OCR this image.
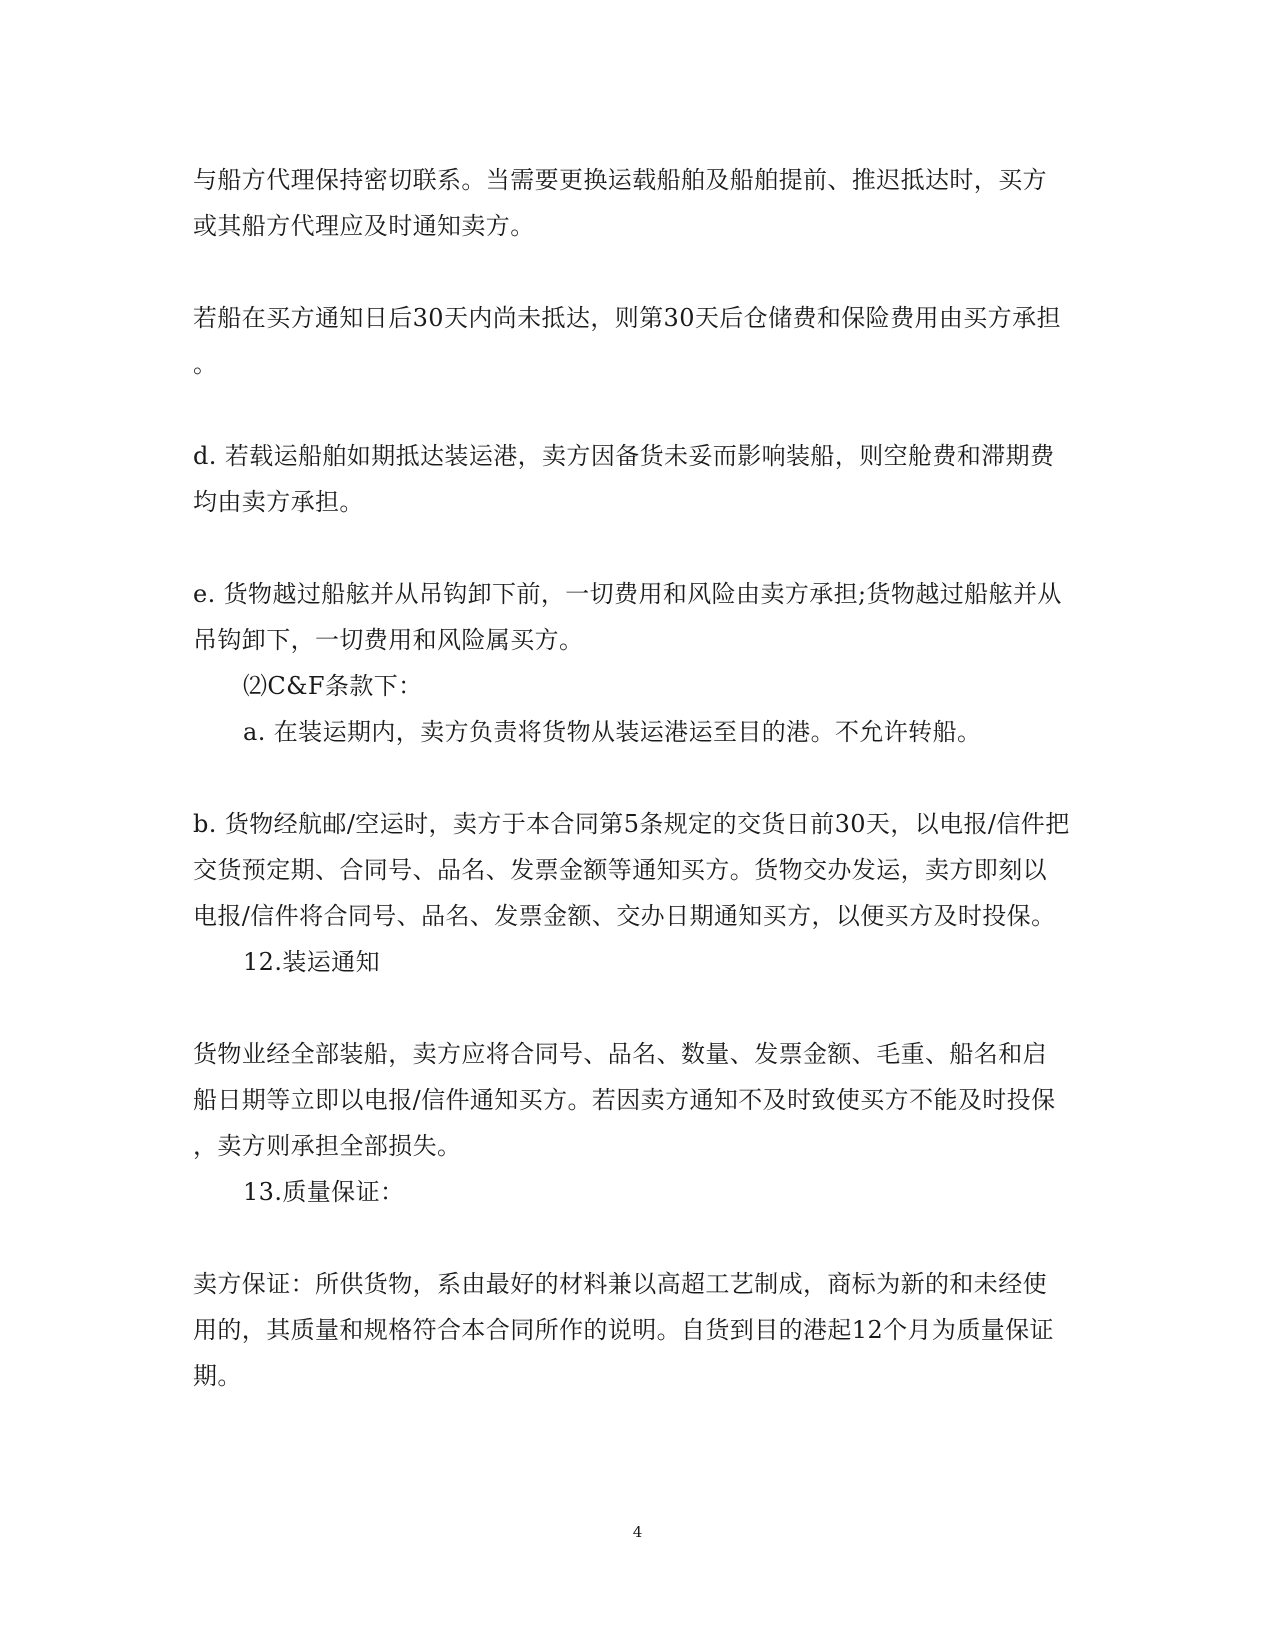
与船方代理保持密切联系。当需要更换运载船舶及船舶提前、推迟抵达时，买方
或其船方代理应及时通知卖方。
若船在买方通知日后30天内尚未抵达，则第30天后仓储费和保险费用由买方承担
。
d. 若载运船舶如期抵达装运港，卖方因备货未妥而影响装船，则空舱费和滞期费
均由卖方承担。
e. 货物越过船舷并从吊钩卸下前，一切费用和风险由卖方承担;货物越过船舷并从
吊钩卸下，一切费用和风险属买方。
⑵C&F条款下：
a. 在装运期内，卖方负责将货物从装运港运至目的港。不允许转船。
b. 货物经航邮/空运时，卖方于本合同第5条规定的交货日前30天，以电报/信件把
交货预定期、合同号、品名、发票金额等通知买方。货物交办发运，卖方即刻以
电报/信件将合同号、品名、发票金额、交办日期通知买方，以便买方及时投保。
12.装运通知
货物业经全部装船，卖方应将合同号、品名、数量、发票金额、毛重、船名和启
船日期等立即以电报/信件通知买方。若因卖方通知不及时致使买方不能及时投保
，卖方则承担全部损失。
13.质量保证：
卖方保证：所供货物，系由最好的材料兼以高超工艺制成，商标为新的和未经使
用的，其质量和规格符合本合同所作的说明。自货到目的港起12个月为质量保证
期。
4
